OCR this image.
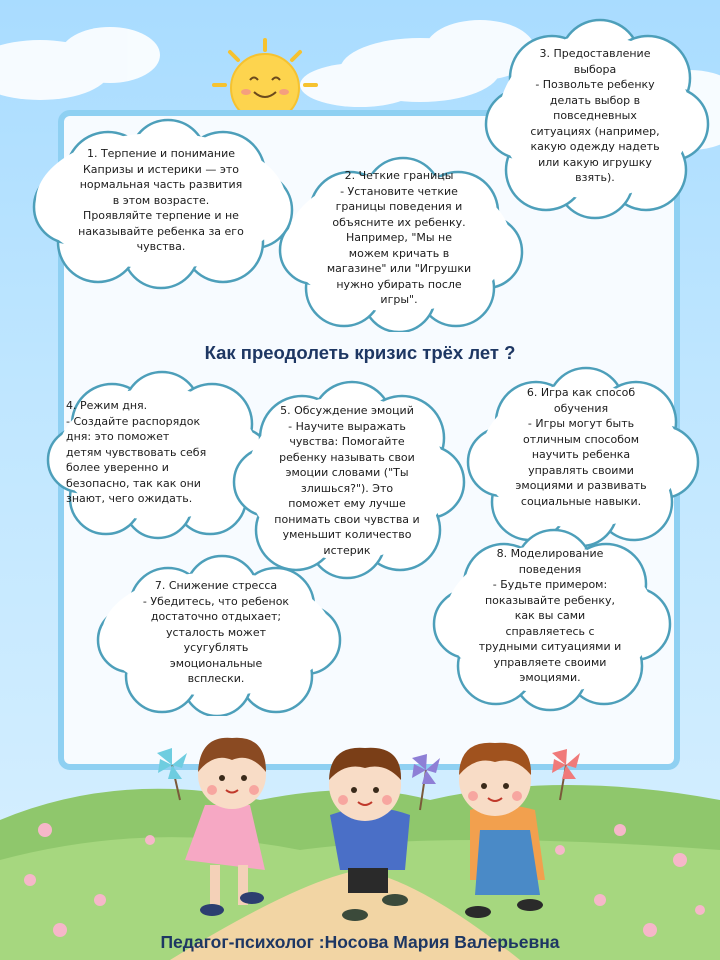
1. Терпение и понимание
Капризы и истерики — это
нормальная часть развития
в этом возрасте.
Проявляйте терпение и не
наказывайте ребенка за его
чувства.
2. Четкие границы
- Установите четкие
границы поведения и
объясните их ребенку.
Например, "Мы не
можем кричать в
магазине" или "Игрушки
нужно убирать после
игры".
3. Предоставление
выбора
- Позвольте ребенку
делать выбор в
повседневных
ситуациях (например,
какую одежду надеть
или какую игрушку
взять).
4. Режим дня.
- Создайте распорядок
дня: это поможет
детям чувствовать себя
более уверенно и
безопасно, так как они
знают, чего ожидать.
5. Обсуждение эмоций
- Научите выражать
чувства: Помогайте
ребенку называть свои
эмоции словами ("Ты
злишься?"). Это
поможет ему лучше
понимать свои чувства и
уменьшит количество
истерик
6. Игра как способ
обучения
- Игры могут быть
отличным способом
научить ребенка
управлять своими
эмоциями и развивать
социальные навыки.
7. Снижение стресса
- Убедитесь, что ребенок
достаточно отдыхает;
усталость может
усугублять
эмоциональные
всплески.
8. Моделирование
поведения
- Будьте примером:
показывайте ребенку,
как вы сами
справляетесь с
трудными ситуациями и
управляете своими
эмоциями.
Как преодолеть кризис трёх лет ?
Педагог-психолог :Носова Мария Валерьевна
